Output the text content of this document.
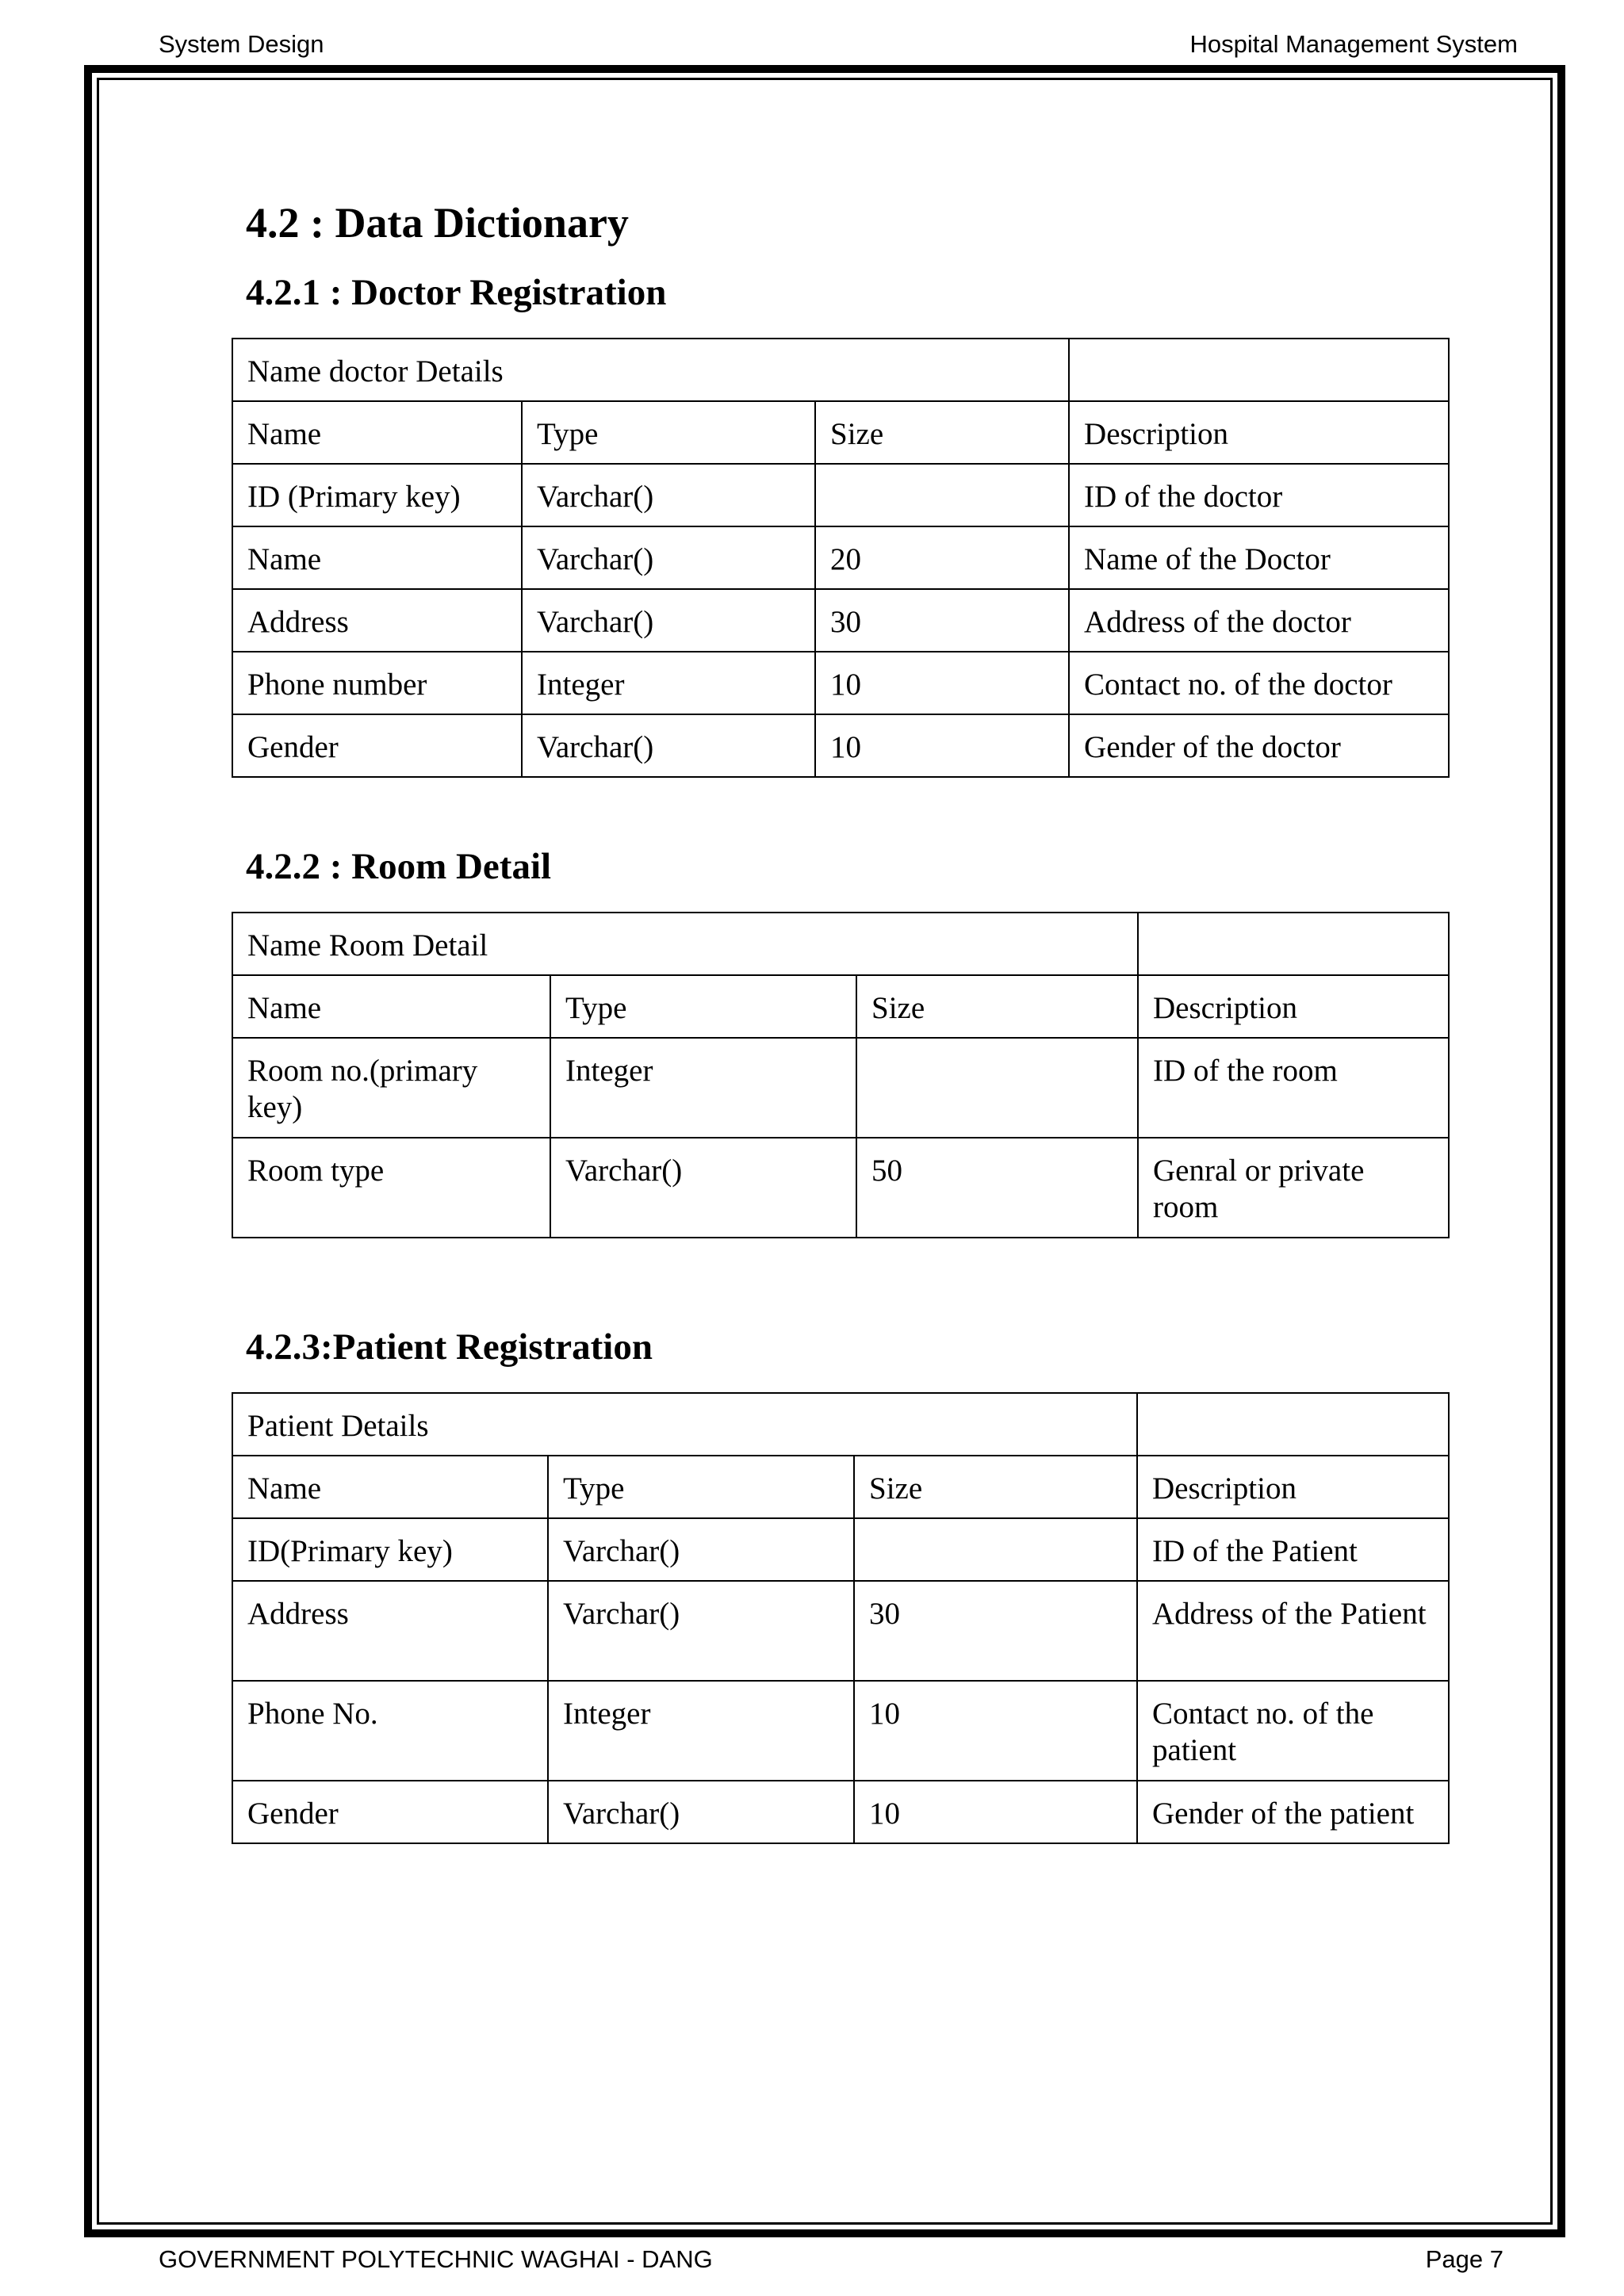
System Design	Hospital Management System
4.2 : Data Dictionary
4.2.1 : Doctor Registration
Name doctor Details			
Name	Type	Size	Description
ID (Primary key)	Varchar()		ID of the doctor
Name	Varchar()	20	Name of the Doctor
Address	Varchar()	30	Address of the doctor
Phone number	Integer	10	Contact no. of the doctor
Gender	Varchar()	10	Gender of the doctor
4.2.2 : Room Detail
Name Room Detail			
Name	Type	Size	Description
Room no.(primary key)	Integer		ID of the room
Room type	Varchar()	50	Genral or private room
4.2.3:Patient Registration
Patient Details			
Name	Type	Size	Description
ID(Primary key)	Varchar()		ID of the Patient
Address	Varchar()	30	Address of the Patient
Phone No.	Integer	10	Contact no. of the patient
Gender	Varchar()	10	Gender of the patient
GOVERNMENT POLYTECHNIC WAGHAI - DANG	Page 7
